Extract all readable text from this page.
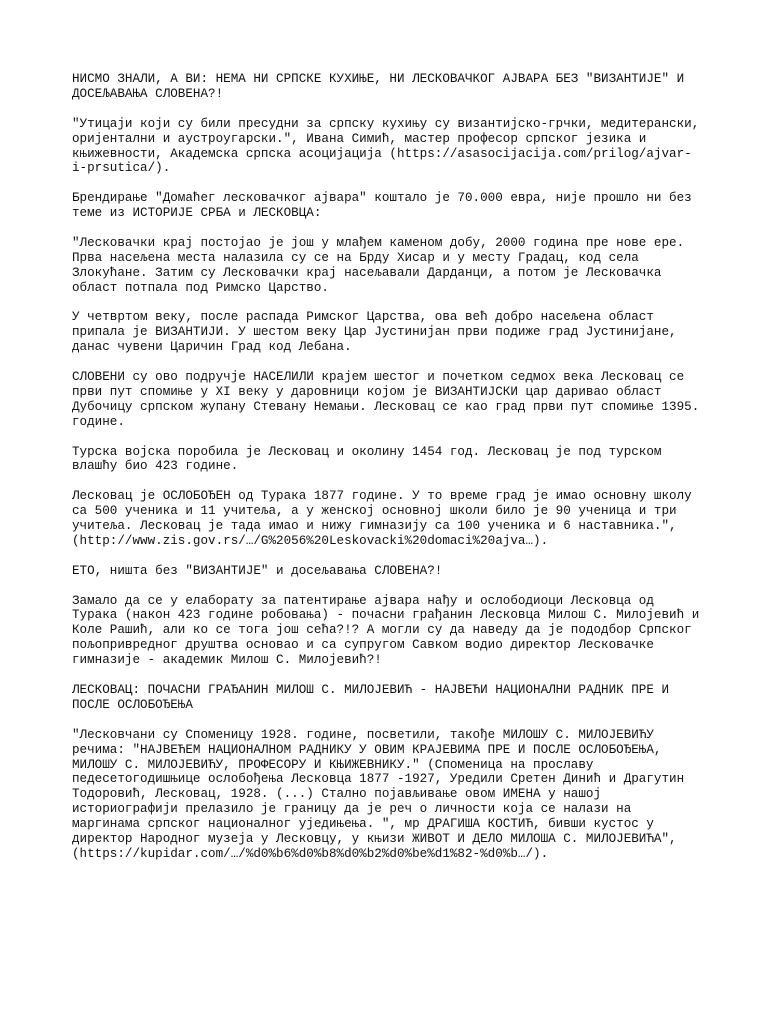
НИСМО ЗНАЛИ, А ВИ: НЕМА НИ СРПСКЕ КУХИЊЕ, НИ ЛЕСКОВАЧКОГ АЈВАРА БЕЗ "ВИЗАНТИЈЕ" И
ДОСЕЉАВАЊА СЛОВЕНА?!
"Утицаји који су били пресудни за српску кухињу су византијско-грчки, медитерански,
оријентални и аустроугарски.", Ивана Симић, мастер професор српског језика и
књижевности, Академска српска асоцијација (https://asasocijacija.com/prilog/ajvar-
i-prsutica/).
Брендирање "Домаћег лесковачког ајвара" коштало је 70.000 евра, није прошло ни без
теме из ИСТОРИЈЕ СРБА и ЛЕСКОВЦА:
"Лесковачки крај постојао је још у млађем каменом добу, 2000 година пре нове ере.
Прва насељена места налазила су се на Брду Хисар и у месту Градац, код села
Злокућане. Затим су Лесковачки крај насељавали Дарданци, а потом је Лесковачка
област потпала под Римско Царство.
У четвртом веку, после распада Римског Царства, ова већ добро насељена област
припала је ВИЗАНТИЈИ. У шестом веку Цар Јустинијан први подиже град Јустинијане,
данас чувени Царичин Град код Лебана.
СЛОВЕНИ су ово подручје НАСЕЛИЛИ крајем шестог и почетком седмох века Лесковац се
први пут спомиње у XI веку у даровници којом је ВИЗАНТИЈСКИ цар даривао област
Дубочицу српском жупану Стевану Немањи. Лесковац се као град први пут спомиње 1395.
године.
Турска војска поробила је Лесковац и околину 1454 год. Лесковац је под турском
влашћу био 423 године.
Лесковац је ОСЛОБОЂЕН од Турака 1877 године. У то време град је имао основну школу
са 500 ученика и 11 учитеља, а у женској основној школи било је 90 ученица и три
учитеља. Лесковац је тада имао и нижу гимназију са 100 ученика и 6 наставника.",
(http://www.zis.gov.rs/…/G%2056%20Leskovacki%20domaci%20ajva…).
ЕТО, ништа без "ВИЗАНТИЈЕ" и досељавања СЛОВЕНА?!
Замало да се у елаборату за патентирање ајвара нађу и ослободиоци Лесковца од
Турака (након 423 године робовања) - почасни грађанин Лесковца Милош С. Милојевић и
Коле Рашић, али ко се тога још сећа?!? А могли су да наведу да је пододбор Српског
пољопривредног друштва основао и са супругом Савком водио директор Лесковачке
гимназије - академик Милош С. Милојевић?!
ЛЕСКОВАЦ: ПОЧАСНИ ГРАЂАНИН МИЛОШ С. МИЛОЈЕВИЋ - НАЈВЕЋИ НАЦИОНАЛНИ РАДНИК ПРЕ И
ПОСЛЕ ОСЛОБОЂЕЊА
"Лесковчани су Споменицу 1928. године, посветили, такође МИЛОШУ С. МИЛОЈЕВИЋУ
речима: "НАЈВЕЋЕМ НАЦИОНАЛНОМ РАДНИКУ У ОВИМ КРАЈЕВИМА ПРЕ И ПОСЛЕ ОСЛОБОЂЕЊА,
МИЛОШУ С. МИЛОЈЕВИЋУ, ПРОФЕСОРУ И КЊИЖЕВНИКУ." (Споменица на прославу
педесетогодишњице ослобођења Лесковца 1877 -1927, Уредили Сретен Динић и Драгутин
Тодоровић, Лесковац, 1928. (...) Стално појављивање овом ИМЕНА у нашој
историографији прелазило је границу да је реч о личности која се налази на
маргинама српског националног уједињења. ", мр ДРАГИША КОСТИЋ, бивши кустос у
директор Народног музеја у Лесковцу, у књизи ЖИВОТ И ДЕЛО МИЛОША С. МИЛОЈЕВИЋА",
(https://kupidar.com/…/%d0%b6%d0%b8%d0%b2%d0%be%d1%82-%d0%b…/).
